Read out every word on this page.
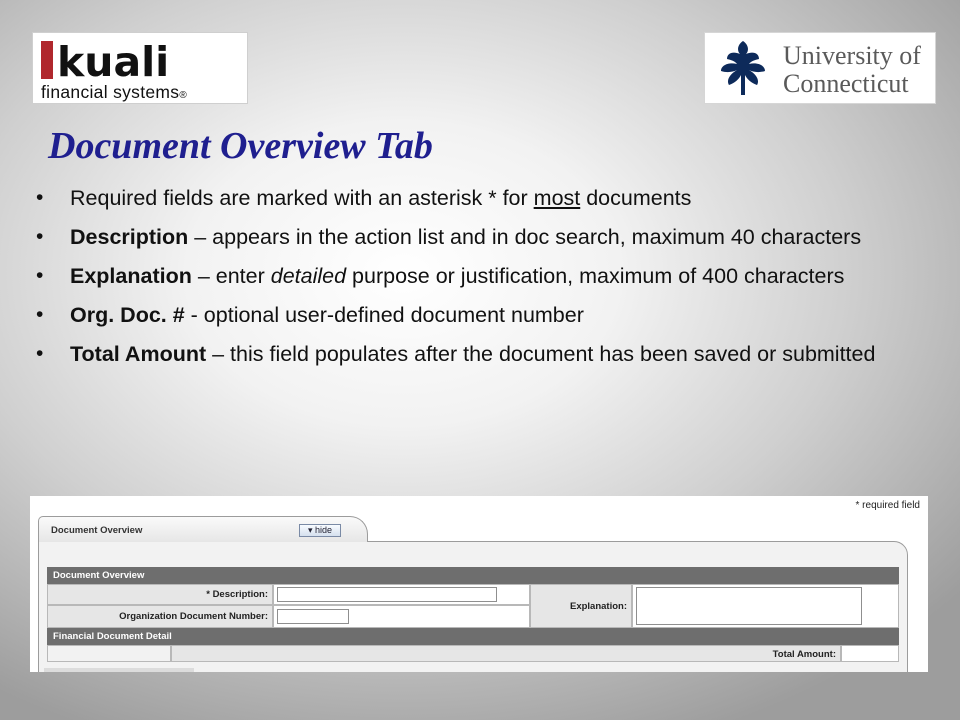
kuali
financial systems®
University of
Connecticut
Document Overview Tab
• Required fields are marked with an asterisk * for most documents
• Description – appears in the action list and in doc search, maximum 40 characters
• Explanation – enter detailed purpose or justification, maximum of 400 characters
• Org. Doc. # - optional user-defined document number
• Total Amount – this field populates after the document has been saved or submitted
* required field
Document Overview	▾ hide
Document Overview
* Description:
Organization Document Number:
Explanation:
Financial Document Detail
Total Amount:
